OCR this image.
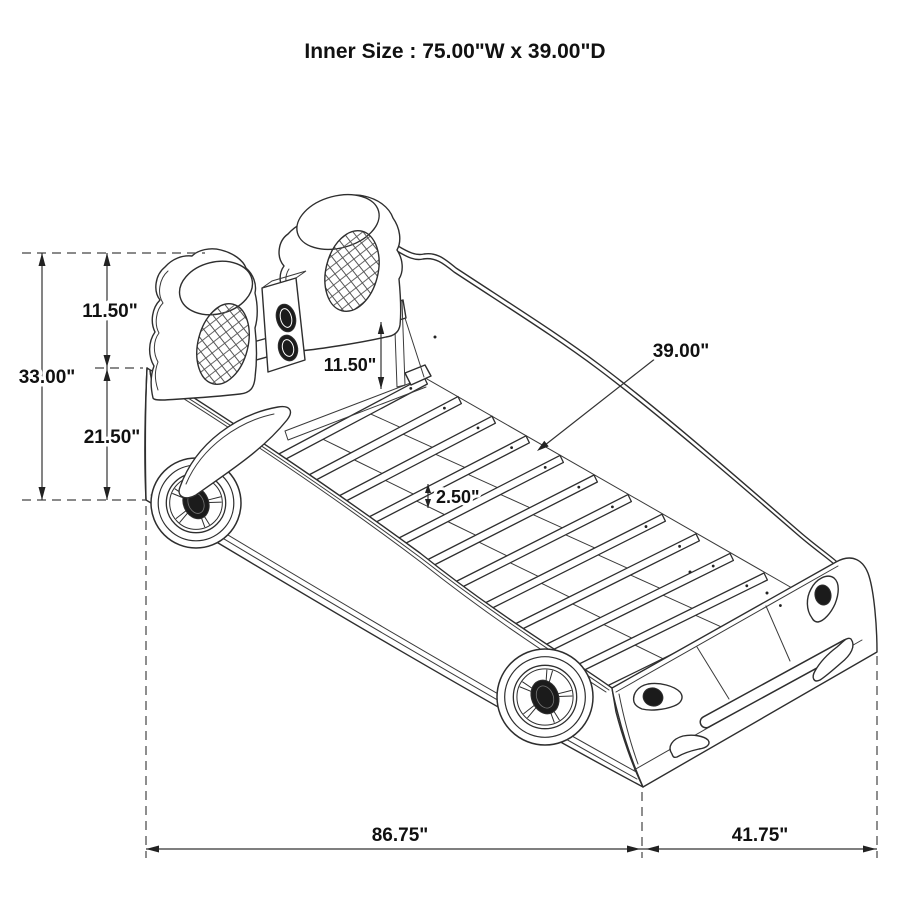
33.00"
11.50"
21.50"
11.50"
39.00"
2.50"
86.75"	41.75"
Inner Size : 75.00"W x 39.00"D
